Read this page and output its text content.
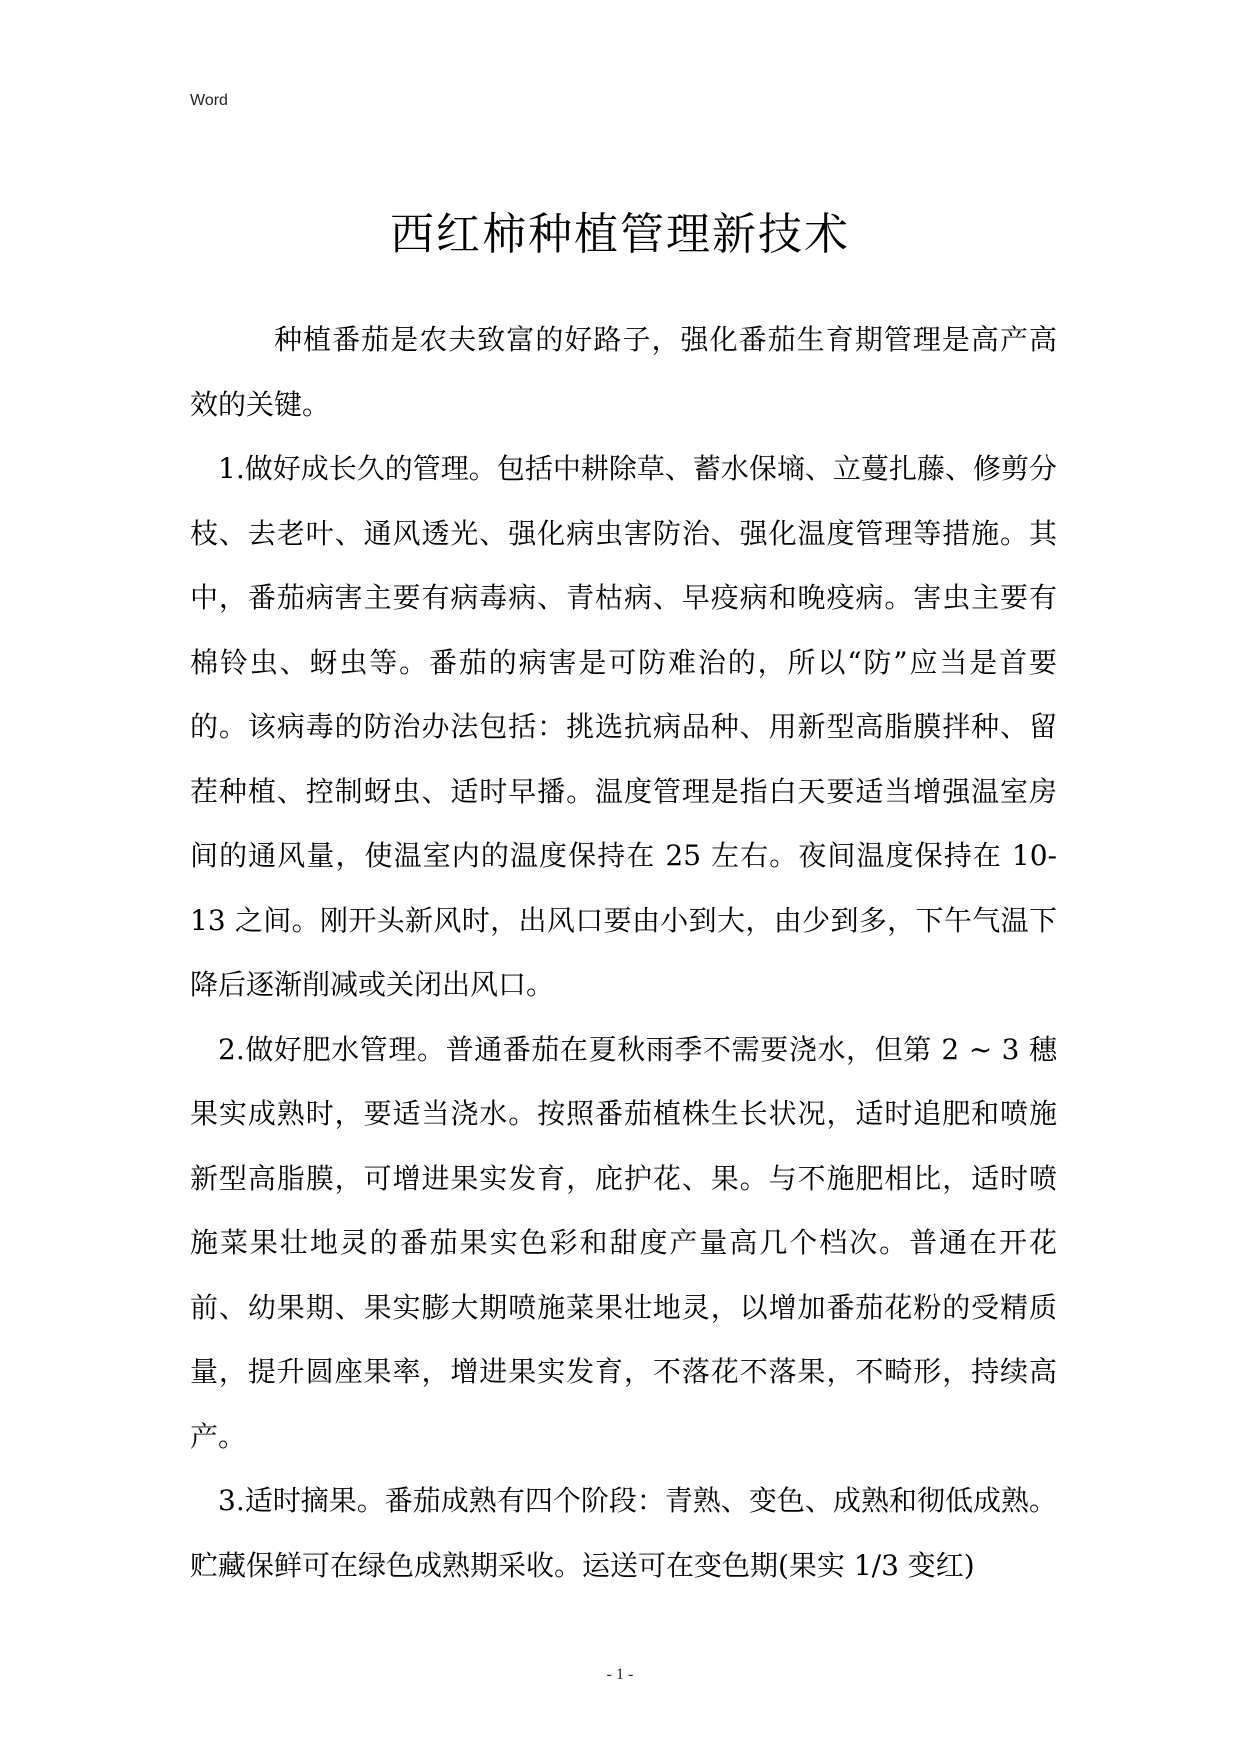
Word
西红柿种植管理新技术

种植番茄是农夫致富的好路子，强化番茄生育期管理是高产高效的关键。

1.做好成长久的管理。包括中耕除草、蓄水保墒、立蔓扎藤、修剪分枝、去老叶、通风透光、强化病虫害防治、强化温度管理等措施。其中，番茄病害主要有病毒病、青枯病、早疫病和晚疫病。害虫主要有棉铃虫、蚜虫等。番茄的病害是可防难治的，所以“防”应当是首要的。该病毒的防治办法包括：挑选抗病品种、用新型高脂膜拌种、留茬种植、控制蚜虫、适时早播。温度管理是指白天要适当增强温室房间的通风量，使温室内的温度保持在 25 左右。夜间温度保持在 10-13 之间。刚开头新风时，出风口要由小到大，由少到多，下午气温下降后逐渐削减或关闭出风口。

2.做好肥水管理。普通番茄在夏秋雨季不需要浇水，但第 2 ~ 3 穗果实成熟时，要适当浇水。按照番茄植株生长状况，适时追肥和喷施新型高脂膜，可增进果实发育，庇护花、果。与不施肥相比，适时喷施菜果壮地灵的番茄果实色彩和甜度产量高几个档次。普通在开花前、幼果期、果实膨大期喷施菜果壮地灵，以增加番茄花粉的受精质量，提升圆座果率，增进果实发育，不落花不落果，不畸形，持续高产。

3.适时摘果。番茄成熟有四个阶段：青熟、变色、成熟和彻低成熟。贮藏保鲜可在绿色成熟期采收。运送可在变色期(果实 1/3 变红)

- 1 -
